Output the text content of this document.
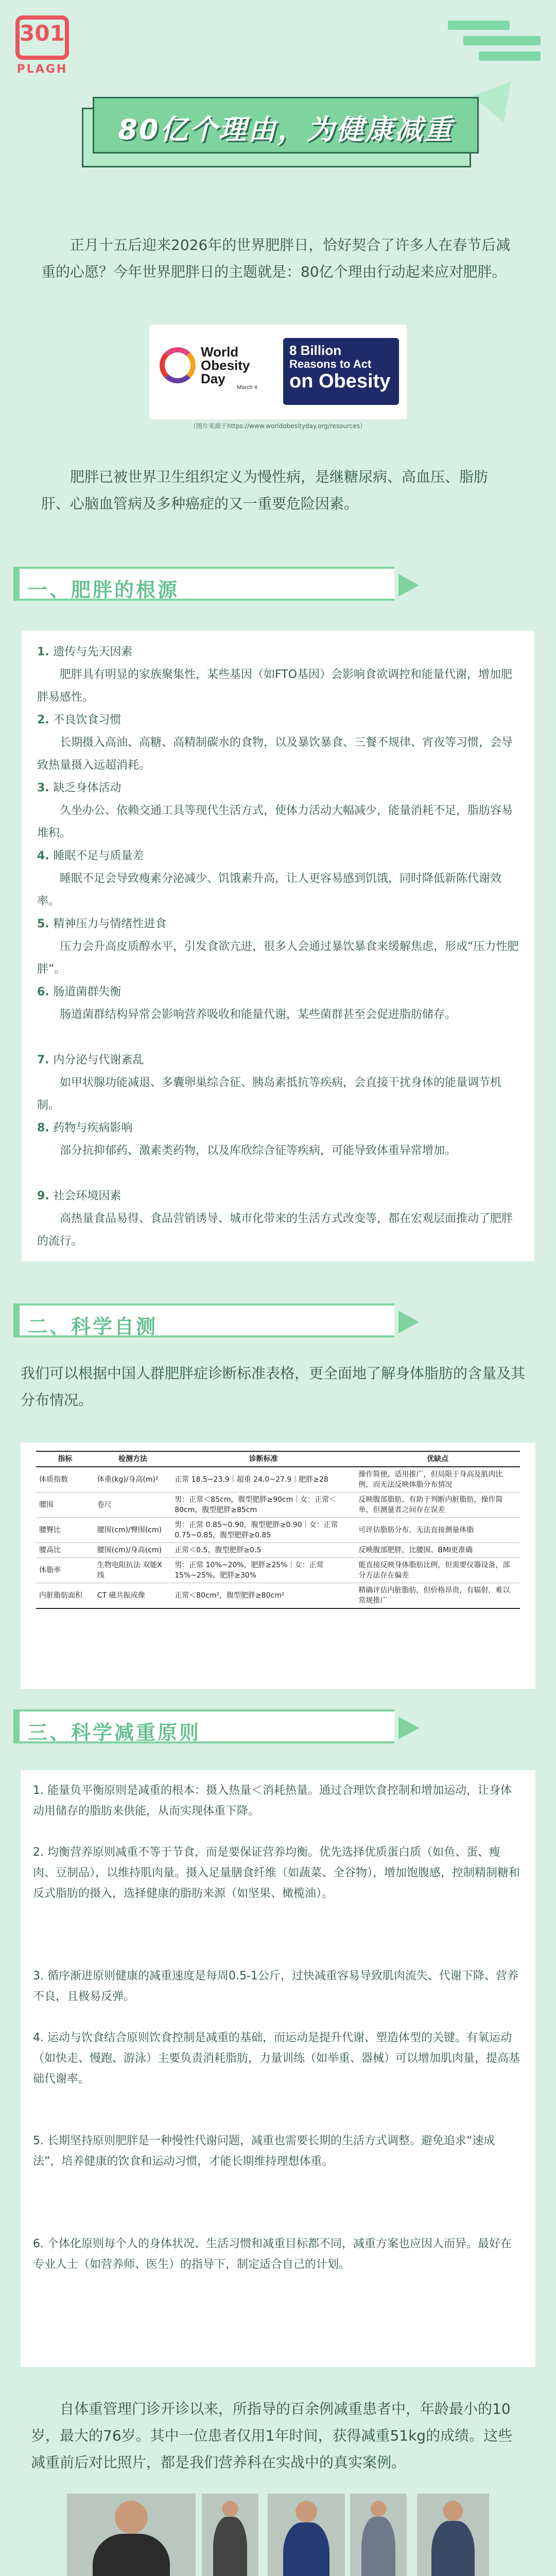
301
PLAGH
80亿个理由，为健康减重
正月十五后迎来2026年的世界肥胖日，恰好契合了许多人在春节后减重的心愿？今年世界肥胖日的主题就是：80亿个理由行动起来应对肥胖。
World Obesity Day
March 4
8 Billion
Reasons to Act
on Obesity
（图片来源于https://www.worldobesityday.org/resources）
肥胖已被世界卫生组织定义为慢性病，是继糖尿病、高血压、脂肪肝、心脑血管病及多种癌症的又一重要危险因素。
一、肥胖的根源
1. 遗传与先天因素
肥胖具有明显的家族聚集性，某些基因（如FTO基因）会影响食欲调控和能量代谢，增加肥胖易感性。
2. 不良饮食习惯
长期摄入高油、高糖、高精制碳水的食物，以及暴饮暴食、三餐不规律、宵夜等习惯，会导致热量摄入远超消耗。
3. 缺乏身体活动
久坐办公、依赖交通工具等现代生活方式，使体力活动大幅减少，能量消耗不足，脂肪容易堆积。
4. 睡眠不足与质量差
睡眠不足会导致瘦素分泌减少、饥饿素升高，让人更容易感到饥饿，同时降低新陈代谢效率。
5. 精神压力与情绪性进食
压力会升高皮质醇水平，引发食欲亢进，很多人会通过暴饮暴食来缓解焦虑，形成“压力性肥胖”。
6. 肠道菌群失衡
肠道菌群结构异常会影响营养吸收和能量代谢，某些菌群甚至会促进脂肪储存。
7. 内分泌与代谢紊乱
如甲状腺功能减退、多囊卵巢综合征、胰岛素抵抗等疾病，会直接干扰身体的能量调节机制。
8. 药物与疾病影响
部分抗抑郁药、激素类药物，以及库欣综合征等疾病，可能导致体重异常增加。
9. 社会环境因素
高热量食品易得、食品营销诱导、城市化带来的生活方式改变等，都在宏观层面推动了肥胖的流行。
二、科学自测
我们可以根据中国人群肥胖症诊断标准表格，更全面地了解身体脂肪的含量及其分布情况。
指标	检测方法	诊断标准	优缺点
体质指数	体重(kg)/身高(m)²	正常 18.5~23.9｜超重 24.0~27.9｜肥胖≥28	操作简便，适用推广，但局限于身高及肌肉比例，而无法反映体脂分布情况
腰围	卷尺	男：正常＜85cm，腹型肥胖≥90cm｜女：正常＜80cm，腹型肥胖≥85cm	反映腹部脂肪，有助于判断内脏脂肪，操作简单，但测量者之间存在误差
腰臀比	腰围(cm)/臀围(cm)	男：正常 0.85~0.90，腹型肥胖≥0.90｜女：正常 0.75~0.85，腹型肥胖≥0.85	可评估脂肪分布，无法直接测量体脂
腰高比	腰围(cm)/身高(cm)	正常＜0.5，腹型肥胖≥0.5	反映腹部肥胖，比腰围、BMI更准确
体脂率	生物电阻抗法 双能X线	男：正常 10%~20%，肥胖≥25%｜女：正常 15%~25%，肥胖≥30%	能直接反映身体脂肪比例，但需要仪器设备，部分方法存在偏差
内脏脂肪面积	CT 磁共振成像	正常＜80cm²，腹型肥胖≥80cm²	精确评估内脏脂肪，但价格昂贵，有辐射，难以常规推广
三、科学减重原则
1. 能量负平衡原则是减重的根本：摄入热量＜消耗热量。通过合理饮食控制和增加运动，让身体动用储存的脂肪来供能，从而实现体重下降。
2. 均衡营养原则减重不等于节食，而是要保证营养均衡。优先选择优质蛋白质（如鱼、蛋、瘦肉、豆制品），以维持肌肉量。摄入足量膳食纤维（如蔬菜、全谷物），增加饱腹感，控制精制糖和反式脂肪的摄入，选择健康的脂肪来源（如坚果、橄榄油）。
3. 循序渐进原则健康的减重速度是每周0.5-1公斤，过快减重容易导致肌肉流失、代谢下降、营养不良，且极易反弹。
4. 运动与饮食结合原则饮食控制是减重的基础，而运动是提升代谢、塑造体型的关键。有氧运动（如快走、慢跑、游泳）主要负责消耗脂肪，力量训练（如举重、器械）可以增加肌肉量，提高基础代谢率。
5. 长期坚持原则肥胖是一种慢性代谢问题，减重也需要长期的生活方式调整。避免追求“速成法”，培养健康的饮食和运动习惯，才能长期维持理想体重。
6. 个体化原则每个人的身体状况、生活习惯和减重目标都不同，减重方案也应因人而异。最好在专业人士（如营养师、医生）的指导下，制定适合自己的计划。
自体重管理门诊开诊以来，所指导的百余例减重患者中，年龄最小的10岁，最大的76岁。其中一位患者仅用1年时间，获得减重51kg的成绩。这些减重前后对比照片，都是我们营养科在实战中的真实案例。
